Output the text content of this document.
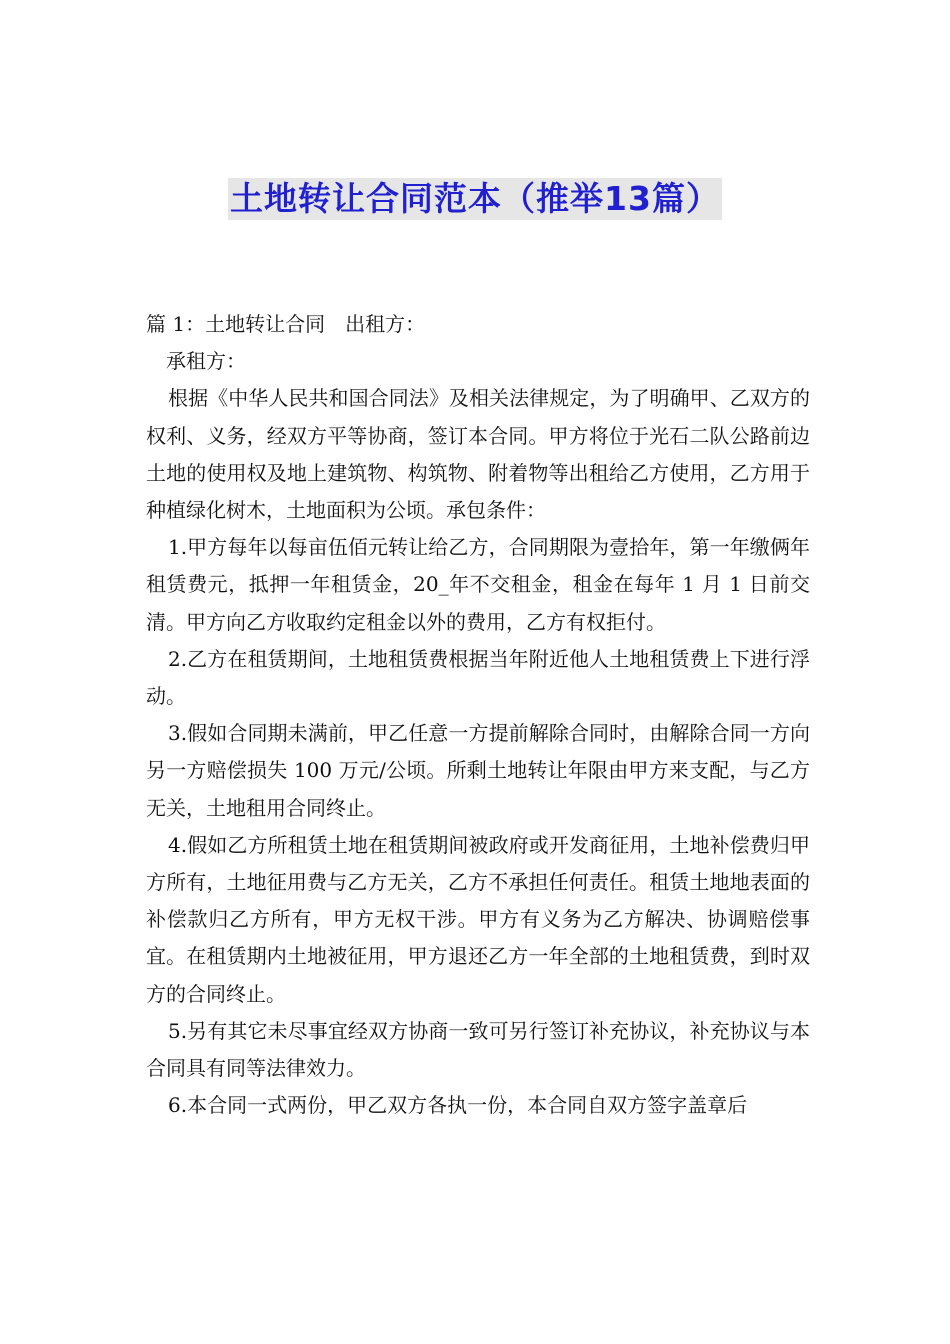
土地转让合同范本（推举13篇）

篇 1：土地转让合同　出租方：

承租方：

根据《中华人民共和国合同法》及相关法律规定，为了明确甲、乙双方的权利、义务，经双方平等协商，签订本合同。甲方将位于光石二队公路前边土地的使用权及地上建筑物、构筑物、附着物等出租给乙方使用，乙方用于种植绿化树木，土地面积为公顷。承包条件：

1.甲方每年以每亩伍佰元转让给乙方，合同期限为壹拾年，第一年缴俩年租赁费元，抵押一年租赁金，20_年不交租金，租金在每年 1 月 1 日前交清。甲方向乙方收取约定租金以外的费用，乙方有权拒付。

2.乙方在租赁期间，土地租赁费根据当年附近他人土地租赁费上下进行浮动。

3.假如合同期未满前，甲乙任意一方提前解除合同时，由解除合同一方向另一方赔偿损失 100 万元/公顷。所剩土地转让年限由甲方来支配，与乙方无关，土地租用合同终止。

4.假如乙方所租赁土地在租赁期间被政府或开发商征用，土地补偿费归甲方所有，土地征用费与乙方无关，乙方不承担任何责任。租赁土地地表面的补偿款归乙方所有，甲方无权干涉。甲方有义务为乙方解决、协调赔偿事宜。在租赁期内土地被征用，甲方退还乙方一年全部的土地租赁费，到时双方的合同终止。

5.另有其它未尽事宜经双方协商一致可另行签订补充协议，补充协议与本合同具有同等法律效力。

6.本合同一式两份，甲乙双方各执一份，本合同自双方签字盖章后
